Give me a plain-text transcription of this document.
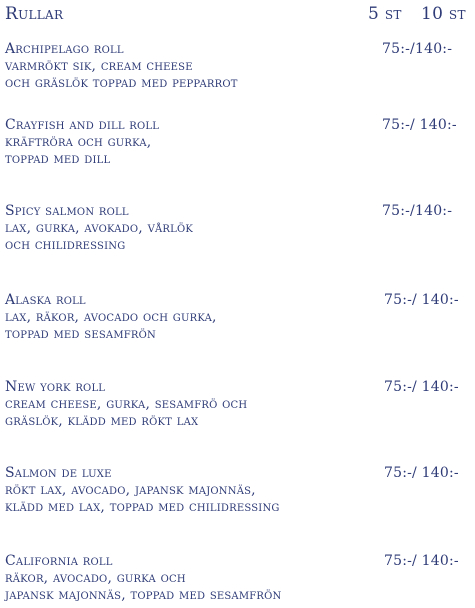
Rullar	5 st 10 st
Archipelago roll	75:-/140:-
varmrökt sik, cream cheese
och gräslök toppad med pepparrot
Crayfish and dill roll	75:-/ 140:-
kräftröra och gurka,
toppad med dill
Spicy salmon roll	75:-/140:-
lax, gurka, avokado, vårlök
och chilidressing
Alaska roll	75:-/ 140:-
lax, räkor, avocado och gurka,
toppad med sesamfrön
New york roll	75:-/ 140:-
cream cheese, gurka, sesamfrö och
gräslök, klädd med rökt lax
Salmon de luxe	75:-/ 140:-
rökt lax, avocado, japansk majonnäs,
klädd med lax, toppad med chilidressing
California roll	75:-/ 140:-
räkor, avocado, gurka och
japansk majonnäs, toppad med sesamfrön
